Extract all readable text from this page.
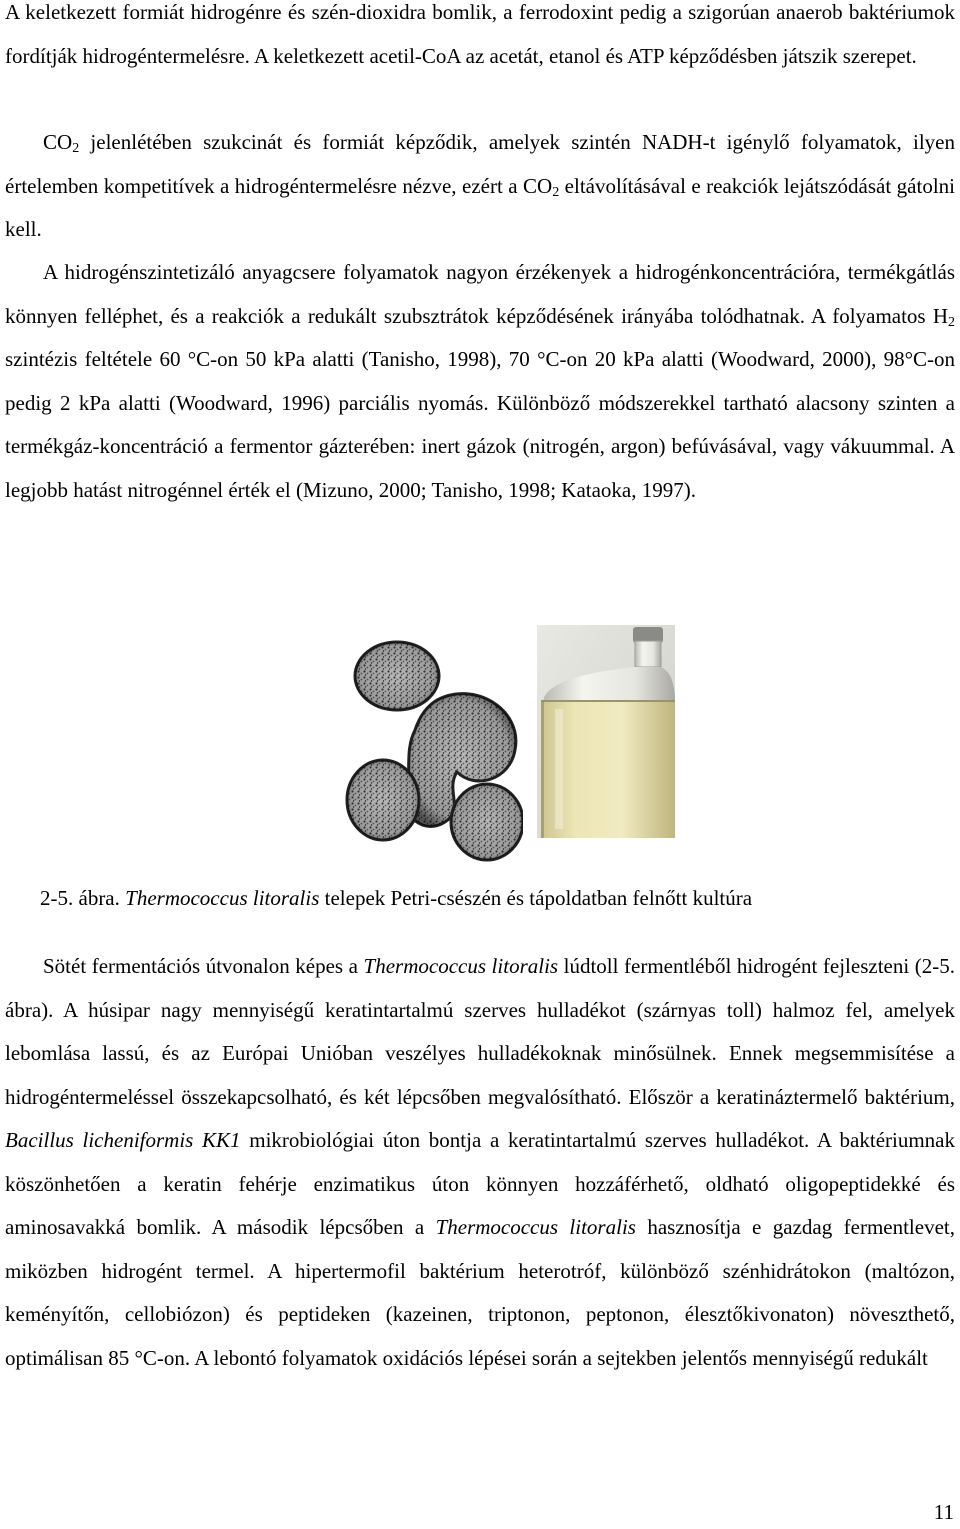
A keletkezett formiát hidrogénre és szén-dioxidra bomlik, a ferrodoxint pedig a szigorúan anaerob baktériumok fordítják hidrogéntermelésre. A keletkezett acetil-CoA az acetát, etanol és ATP képződésben játszik szerepet.

$CO_2$ jelenlétében szukcinát és formiát képződik, amelyek szintén NADH-t igénylő folyamatok, ilyen értelemben kompetitívek a hidrogéntermelésre nézve, ezért a $CO_2$ eltávolításával e reakciók lejátszódását gátolni kell.

A hidrogénszintetizáló anyagcsere folyamatok nagyon érzékenyek a hidrogénkoncentrációra, termékgátlás könnyen felléphet, és a reakciók a redukált szubsztrátok képződésének irányába tolódhatnak. A folyamatos $H_2$ szintézis feltétele 60 °C-on 50 kPa alatti (Tanisho, 1998), 70 °C-on 20 kPa alatti (Woodward, 2000), 98°C-on pedig 2 kPa alatti (Woodward, 1996) parciális nyomás. Különböző módszerekkel tartható alacsony szinten a termékgáz-koncentráció a fermentor gázterében: inert gázok (nitrogén, argon) befúvásával, vagy vákuummal. A legjobb hatást nitrogénnel érték el (Mizuno, 2000; Tanisho, 1998; Kataoka, 1997).

2-5. ábra. Thermococcus litoralis telepek Petri-csészén és tápoldatban felnőtt kultúra

Sötét fermentációs útvonalon képes a Thermococcus litoralis lúdtoll fermentléből hidrogént fejleszteni (2-5. ábra). A húsipar nagy mennyiségű keratintartalmú szerves hulladékot (szárnyas toll) halmoz fel, amelyek lebomlása lassú, és az Európai Unióban veszélyes hulladékoknak minősülnek. Ennek megsemmisítése a hidrogéntermeléssel összekapcsolható, és két lépcsőben megvalósítható. Először a keratináztermelő baktérium, Bacillus licheniformis KK1 mikrobiológiai úton bontja a keratintartalmú szerves hulladékot. A baktériumnak köszönhetően a keratin fehérje enzimatikus úton könnyen hozzáférhető, oldható oligopeptidekké és aminosavakká bomlik. A második lépcsőben a Thermococcus litoralis hasznosítja e gazdag fermentlevet, miközben hidrogént termel. A hipertermofil baktérium heterotróf, különböző szénhidrátokon (maltózon, keményítőn, cellobiózon) és peptideken (kazeinen, triptonon, peptonon, élesztőkivonaton) növeszthető, optimálisan 85 °C-on. A lebontó folyamatok oxidációs lépései során a sejtekben jelentős mennyiségű redukált

11
